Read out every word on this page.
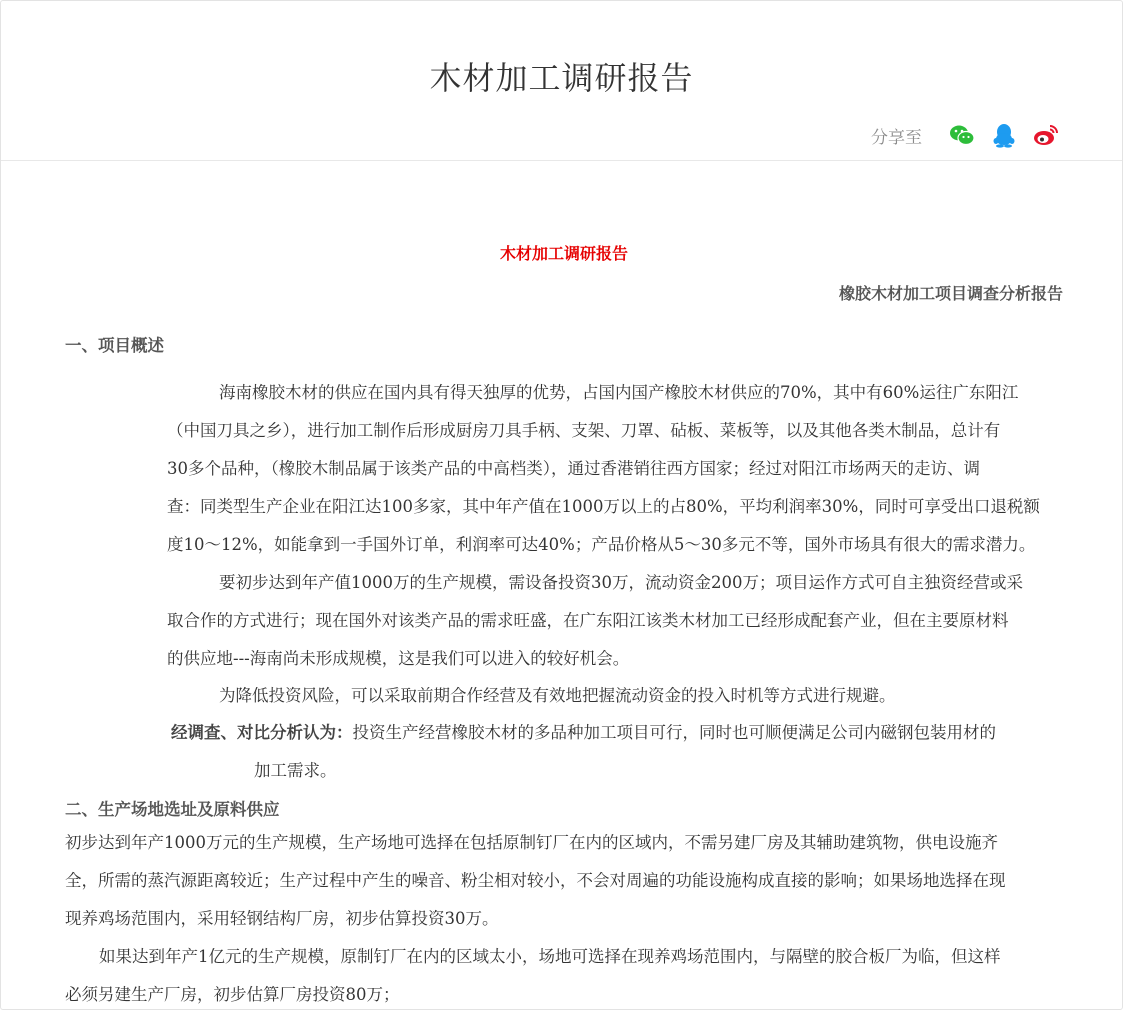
木材加工调研报告
分享至
木材加工调研报告
橡胶木材加工项目调查分析报告
一、项目概述
海南橡胶木材的供应在国内具有得天独厚的优势，占国内国产橡胶木材供应的70%，其中有60%运往广东阳江
（中国刀具之乡），进行加工制作后形成厨房刀具手柄、支架、刀罩、砧板、菜板等，以及其他各类木制品，总计有
30多个品种，（橡胶木制品属于该类产品的中高档类），通过香港销往西方国家；经过对阳江市场两天的走访、调
查：同类型生产企业在阳江达100多家，其中年产值在1000万以上的占80%，平均利润率30%，同时可享受出口退税额
度10～12%，如能拿到一手国外订单，利润率可达40%；产品价格从5～30多元不等，国外市场具有很大的需求潜力。
要初步达到年产值1000万的生产规模，需设备投资30万，流动资金200万；项目运作方式可自主独资经营或采
取合作的方式进行；现在国外对该类产品的需求旺盛，在广东阳江该类木材加工已经形成配套产业，但在主要原材料
的供应地---海南尚未形成规模，这是我们可以进入的较好机会。
为降低投资风险，可以采取前期合作经营及有效地把握流动资金的投入时机等方式进行规避。
经调查、对比分析认为：投资生产经营橡胶木材的多品种加工项目可行，同时也可顺便满足公司内磁钢包装用材的
加工需求。
二、生产场地选址及原料供应
初步达到年产1000万元的生产规模，生产场地可选择在包括原制钉厂在内的区域内，不需另建厂房及其辅助建筑物，供电设施齐
全，所需的蒸汽源距离较近；生产过程中产生的噪音、粉尘相对较小，不会对周遍的功能设施构成直接的影响；如果场地选择在现
现养鸡场范围内，采用轻钢结构厂房，初步估算投资30万。
如果达到年产1亿元的生产规模，原制钉厂在内的区域太小，场地可选择在现养鸡场范围内，与隔壁的胶合板厂为临，但这样
必须另建生产厂房，初步估算厂房投资80万；
